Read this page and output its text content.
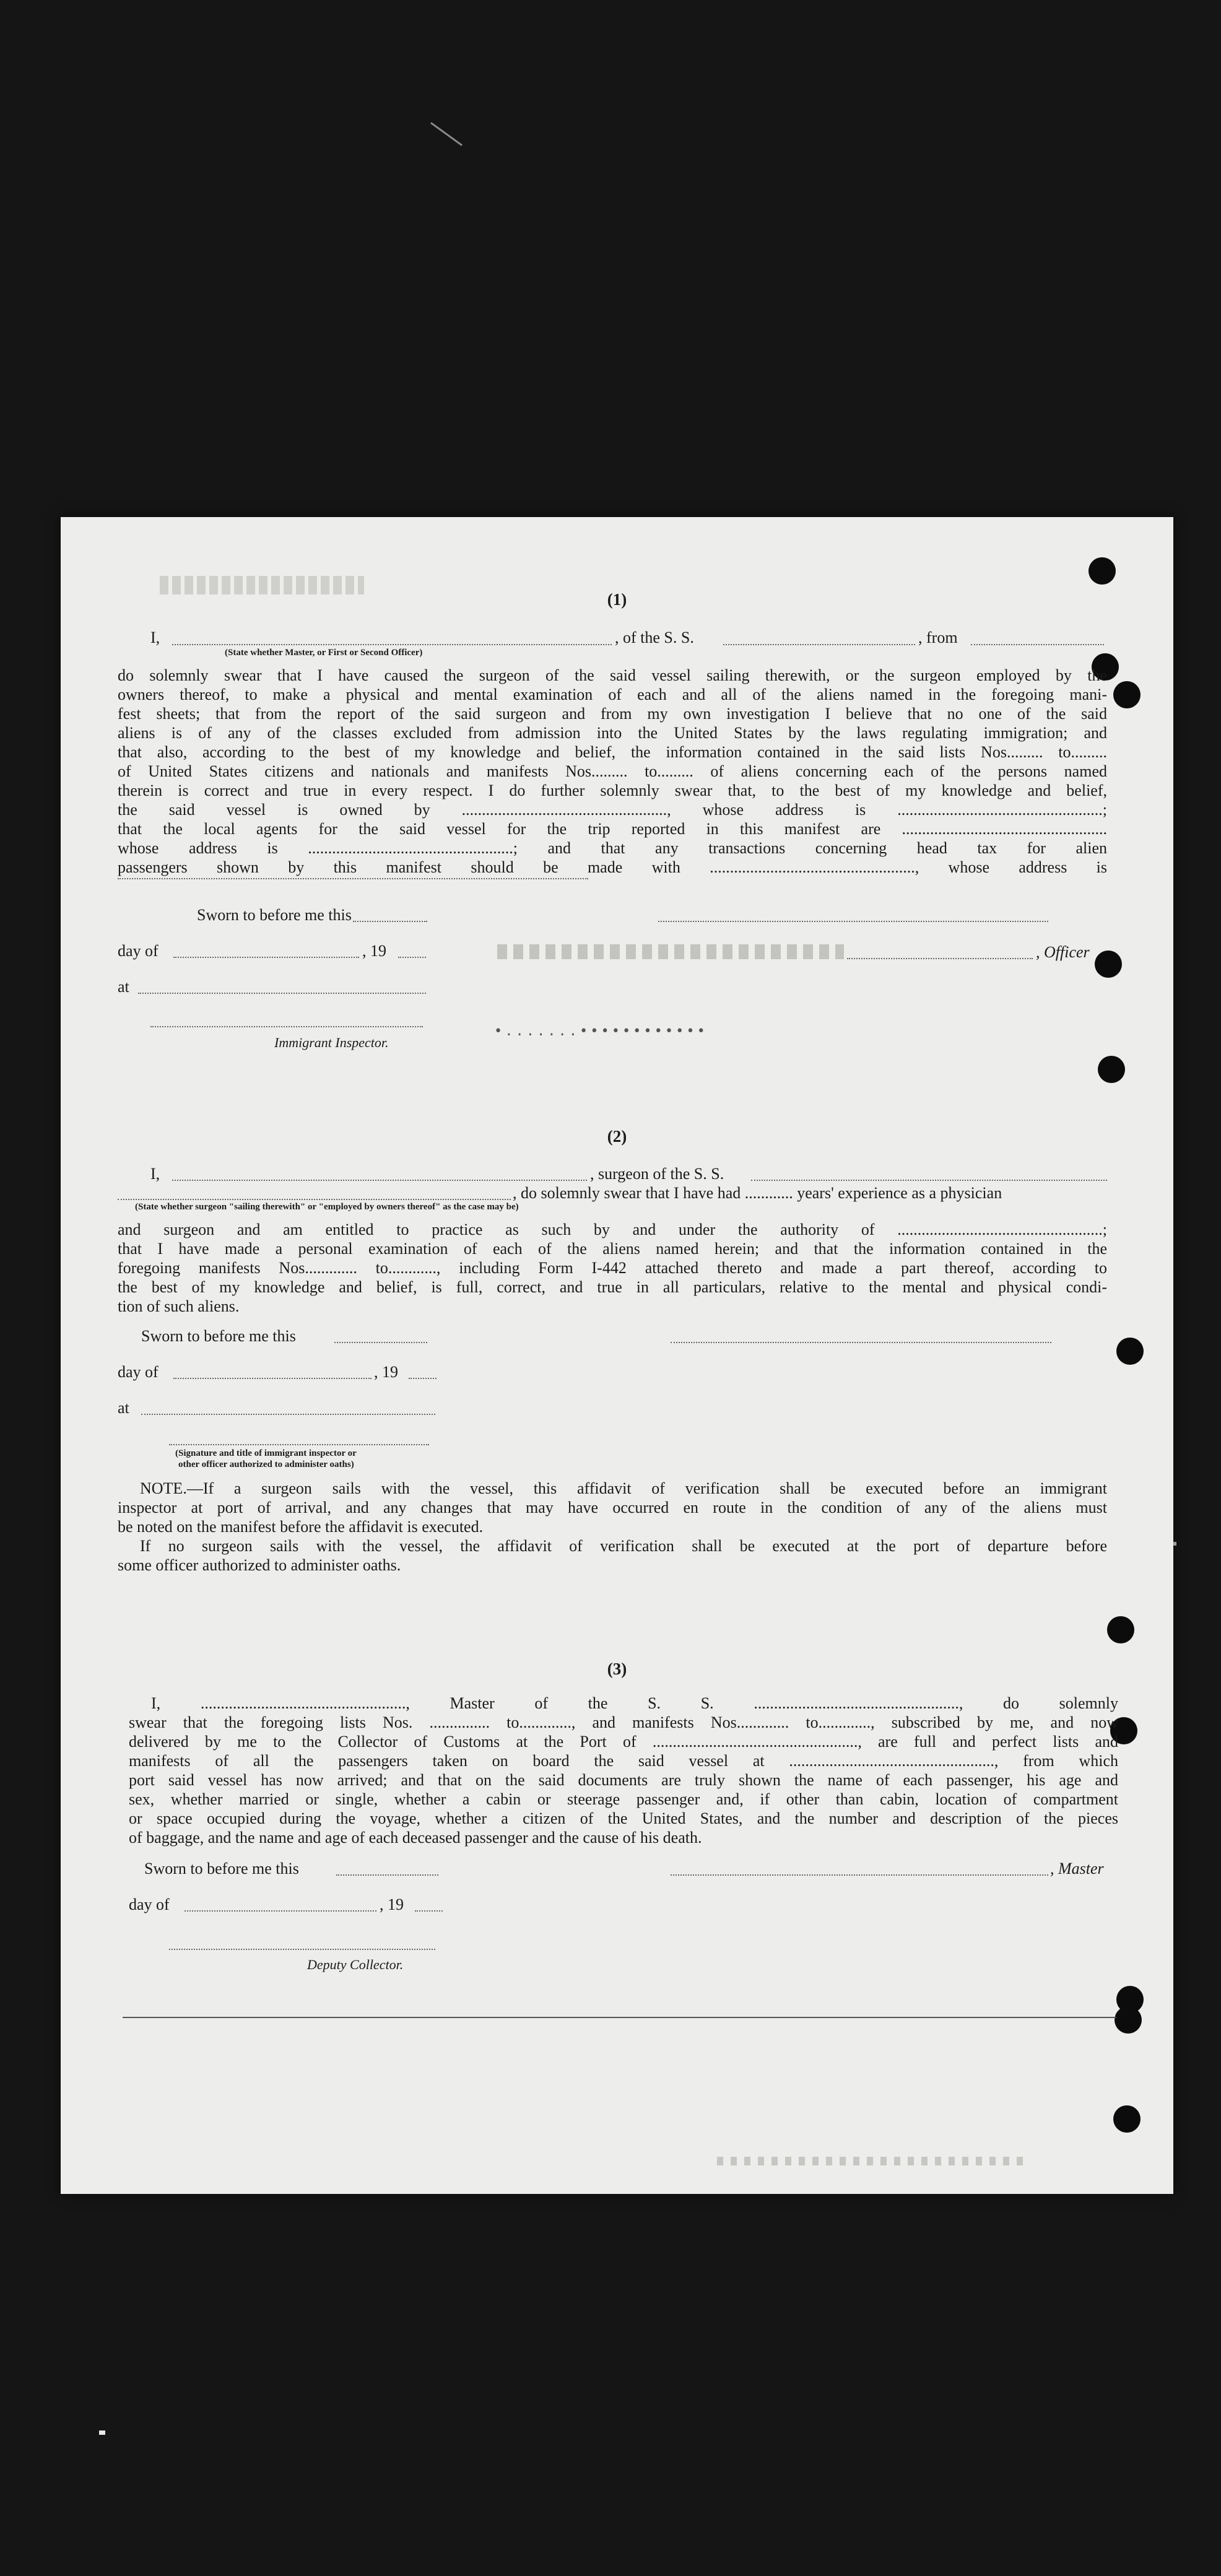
(1)
I,	, of the S. S.	, from
(State whether Master, or First or Second Officer)
do solemnly swear that I have caused the surgeon of the said vessel sailing therewith, or the surgeon employed by the
owners thereof, to make a physical and mental examination of each and all of the aliens named in the foregoing mani-
fest sheets; that from the report of the said surgeon and from my own investigation I believe that no one of the said
aliens is of any of the classes excluded from admission into the United States by the laws regulating immigration; and
that also, according to the best of my knowledge and belief, the information contained in the said lists Nos......... to.........
of United States citizens and nationals and manifests Nos......... to......... of aliens concerning each of the persons named
therein is correct and true in every respect. I do further solemnly swear that, to the best of my knowledge and belief,
the said vessel is owned by ..................................................., whose address is ...................................................;
that the local agents for the said vessel for the trip reported in this manifest are ...................................................
whose address is ...................................................; and that any transactions concerning head tax for alien
passengers shown by this manifest should be made with ..................................................., whose address is
Sworn to before me this
day of	, 19	, Officer
at
Immigrant Inspector.
•.......••••••••••••
(2)
I,	, surgeon of the S. S.
, do solemnly swear that I have had ............ years' experience as a physician
(State whether surgeon "sailing therewith" or "employed by owners thereof" as the case may be)
and surgeon and am entitled to practice as such by and under the authority of ...................................................;
that I have made a personal examination of each of the aliens named herein; and that the information contained in the
foregoing manifests Nos............. to............, including Form I-442 attached thereto and made a part thereof, according to
the best of my knowledge and belief, is full, correct, and true in all particulars, relative to the mental and physical condi-
tion of such aliens.
Sworn to before me this
day of	, 19
at
(Signature and title of immigrant inspector or
other officer authorized to administer oaths)
NOTE.—If a surgeon sails with the vessel, this affidavit of verification shall be executed before an immigrant
inspector at port of arrival, and any changes that may have occurred en route in the condition of any of the aliens must
be noted on the manifest before the affidavit is executed.
If no surgeon sails with the vessel, the affidavit of verification shall be executed at the port of departure before
some officer authorized to administer oaths.
(3)
I, ..................................................., Master of the S. S. ..................................................., do solemnly
swear that the foregoing lists Nos. ............... to............., and manifests Nos............. to............., subscribed by me, and now
delivered by me to the Collector of Customs at the Port of ..................................................., are full and perfect lists and
manifests of all the passengers taken on board the said vessel at ..................................................., from which
port said vessel has now arrived; and that on the said documents are truly shown the name of each passenger, his age and
sex, whether married or single, whether a cabin or steerage passenger and, if other than cabin, location of compartment
or space occupied during the voyage, whether a citizen of the United States, and the number and description of the pieces
of baggage, and the name and age of each deceased passenger and the cause of his death.
Sworn to before me this	, Master
day of	, 19
Deputy Collector.
